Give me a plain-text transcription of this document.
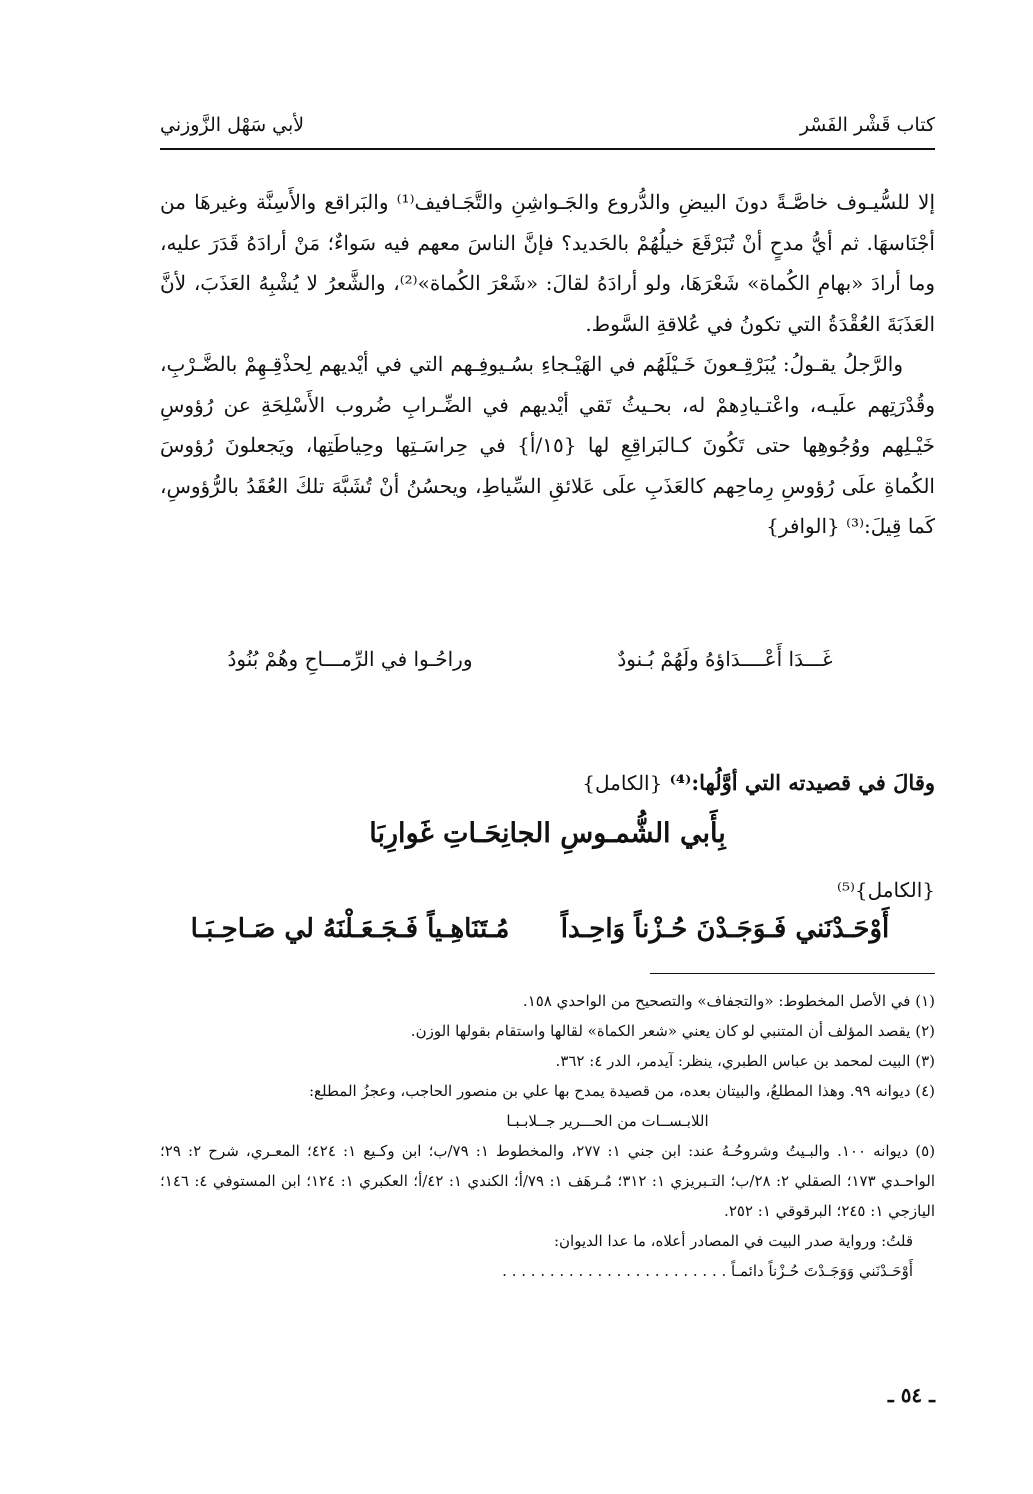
كتاب قَشْر الفَسْر
لأبي سَهْل الزَّوزني

إلا للسُّيـوف خاصَّـةً دونَ البيضِ والدُّروع والجَـواشِنِ والتَّجَـافيف⁽¹⁾ والبَراقع والأَسِنَّة وغيرهَا من أجْنَاسهَا. ثم أيُّ مدحٍ أنْ تُبَرْقَعَ خيلُهُمْ بالحَديد؟ فإنَّ الناسَ معهم فيه سَواءٌ؛ مَنْ أرادَهُ قَدَرَ عليه، وما أرادَ «بهامِ الكُماة» شَعْرَهَا، ولو أرادَهُ لقالَ: «شَعْرَ الكُماة»⁽²⁾، والشَّعرُ لا يُشْبِهُ العَذَبَ، لأنَّ العَذَبَةَ العُقْدَةُ التي تكونُ في عُلاقةِ السَّوط.

والرَّجلُ يقـولُ: يُبَرْقِـعونَ خَـيْلَهُم في الهَيْـجاءِ بسُـيوفِـهم التي في أيْديهم لِحذْقِـهِمْ بالضَّـرْبِ، وقُدْرَتِهم علَيـه، واعْتـيادِهمْ له، بحـيثُ تَقي أيْديهم في الضِّـرابِ ضُروب الأَسْلِحَةِ عن رُؤوسِ خَيْـلِهم ووُجُوهِها حتى تَكُونَ كـالبَراقِعِ لها {١٥/أ} في حِراسَـتِها وحِياطَتِها، ويَجعلونَ رُؤوسَ الكُماةِ علَى رُؤوسِ رِماحِهم كالعَذَبِ علَى عَلائقِ السِّياطِ، ويحسُنُ أنْ تُشَبَّهَ تلكَ العُقَدُ بالرُّؤوسِ، كَما قِيلَ:⁽³⁾ {الوافر}

غَـــدَا أَعْــــدَاؤهُ ولَهُمْ بُـنودٌ
وراحُـوا في الرِّمـــاحِ وهُمْ بُنُودُ
وقالَ في قصيدته التي أوَّلُها:⁽⁴⁾ {الكامل}
بِأَبي الشُّمـوسِ الجانِحَـاتِ غَوارِبَا
{الكامل}⁽⁵⁾
أَوْحَـدْنَني فَـوَجَـدْنَ حُـزْناً وَاحِـداً
مُـتَنَاهِـياً فَـجَـعَـلْنَهُ لي صَـاحِـبَـا

(١) في الأصل المخطوط: «والتجفاف» والتصحيح من الواحدي ١٥٨.

(٢) يقصد المؤلف أن المتنبي لو كان يعني «شعر الكماة» لقالها واستقام بقولها الوزن.

(٣) البيت لمحمد بن عباس الطبري، ينظر: آيدمر، الدر ٤: ٣٦٢.

(٤) ديوانه ٩٩. وهذا المطلعُ، والبيتان بعده، من قصيدة يمدح بها علي بن منصور الحاجب، وعجزُ المطلع:

اللابـســات من الحـــرير جــلابـبـا

(٥) ديوانه ١٠٠. والبـيتُ وشروحُـهُ عند: ابن جني ١: ٢٧٧، والمخطوط ١: ٧٩/ب؛ ابن وكـيع ١: ٤٢٤؛ المعـري، شرح ٢: ٢٩؛ الواحـدي ١٧٣؛ الصقلي ٢: ٢٨/ب؛ التـبريزي ١: ٣١٢؛ مُـرهَف ١: ٧٩/أ؛ الكندي ١: ٤٢/أ؛ العكبري ١: ١٢٤؛ ابن المستوفي ٤: ١٤٦؛ اليازجي ١: ٢٤٥؛ البرقوقي ١: ٢٥٢.

قلتُ: ورواية صدر البيت في المصادر أعلاه، ما عدا الديوان:

أَوْحَـدْنَني وَوَجَـدْتَ حُـزْناً دائمـاً . . . . . . . . . . . . . . . . . . . . . . . .

ـ ٥٤ ـ
